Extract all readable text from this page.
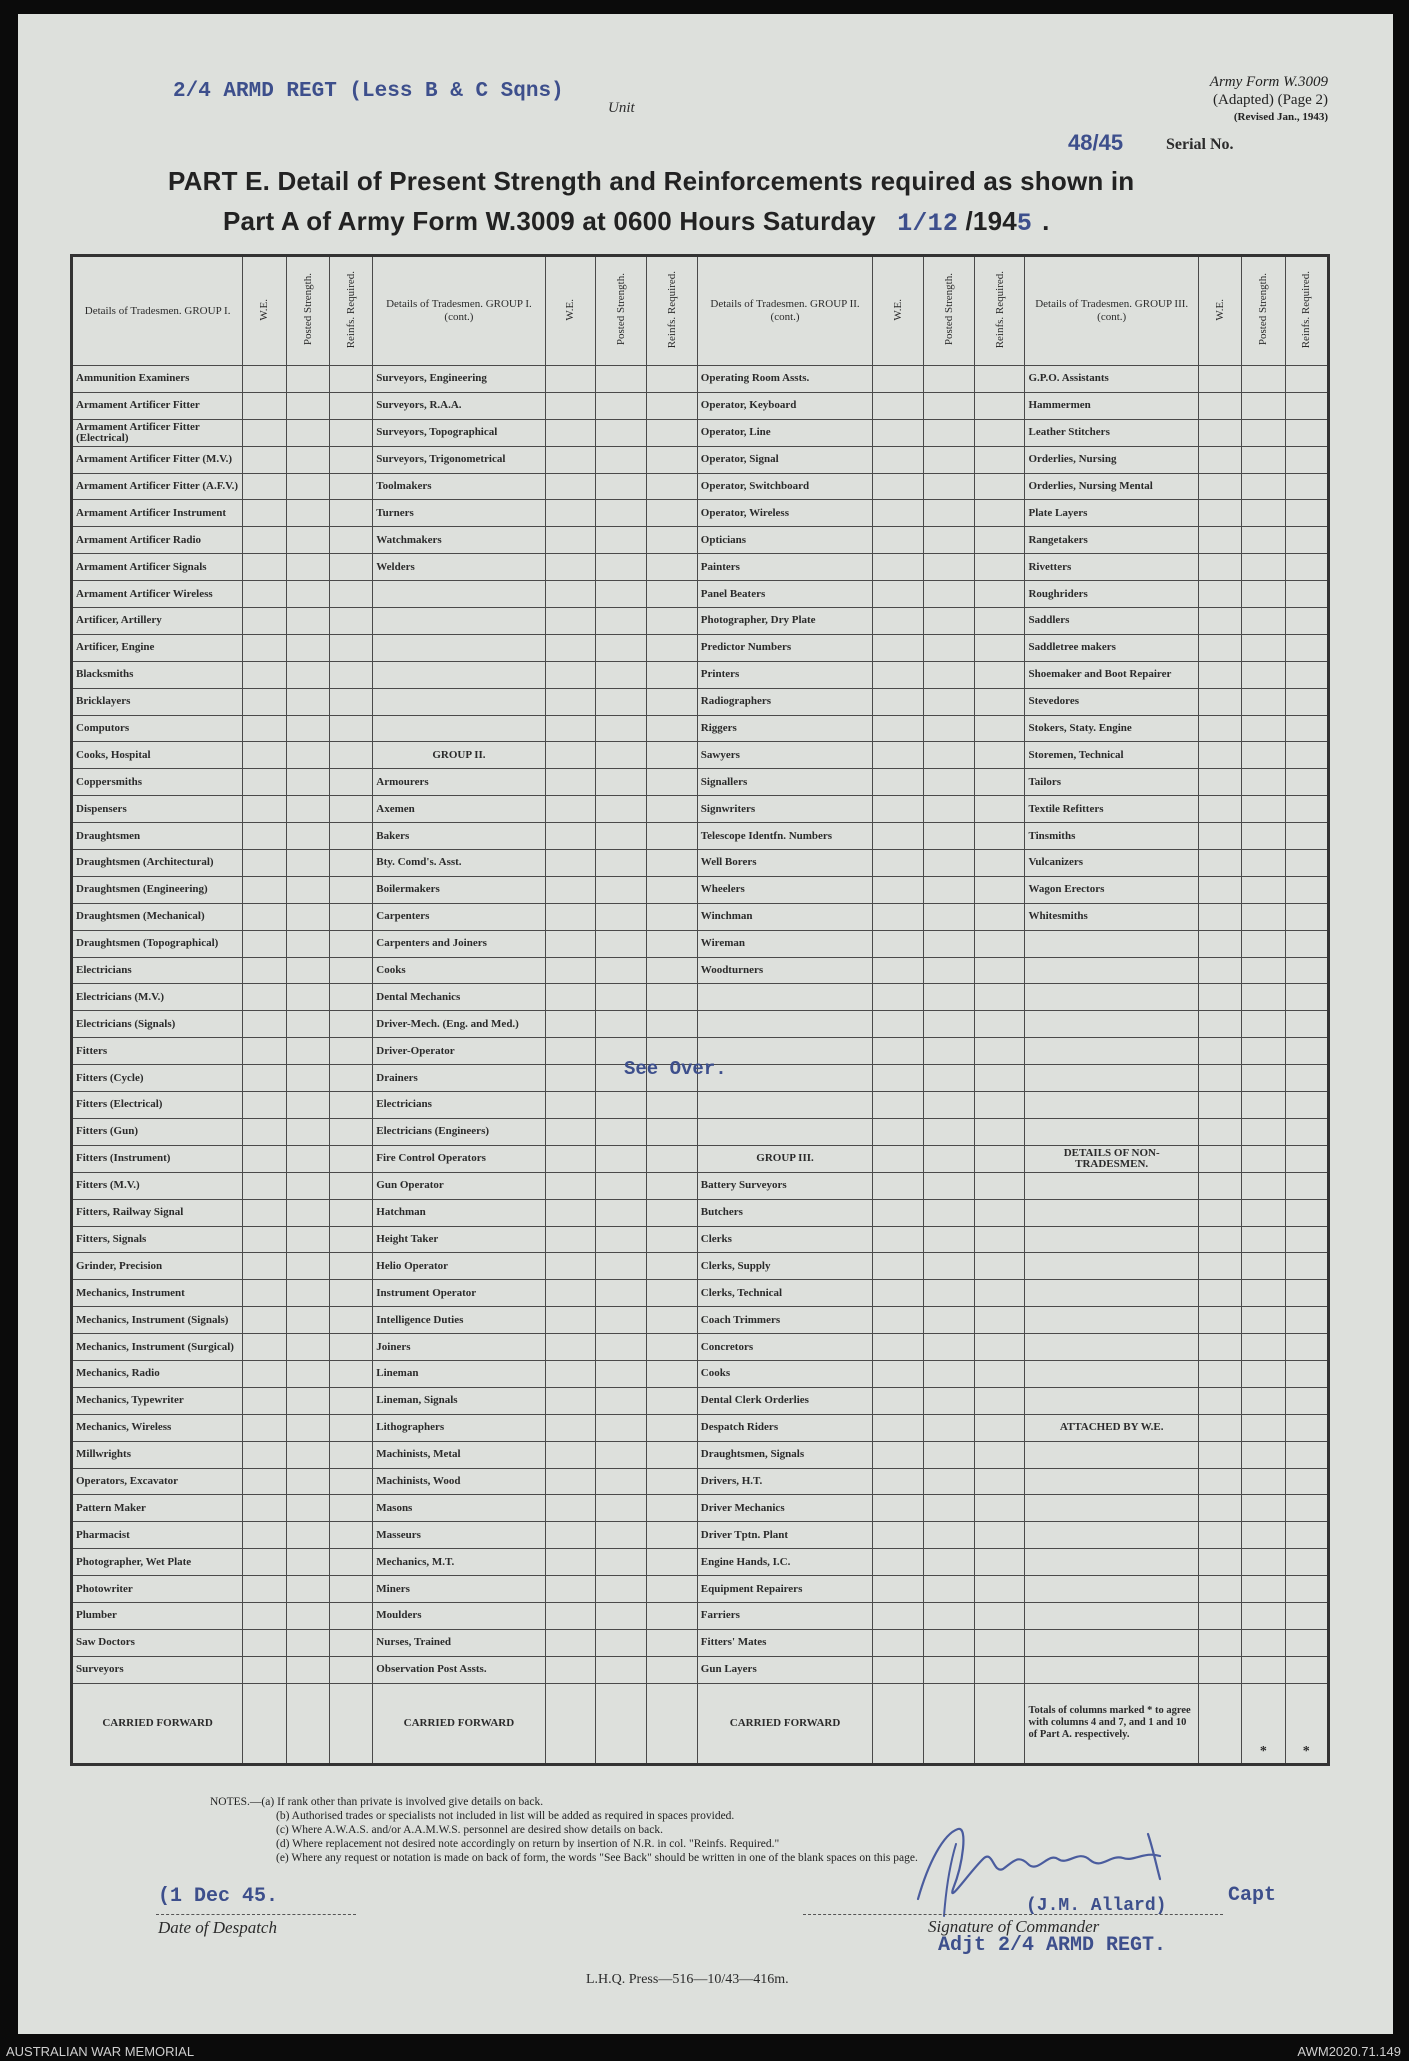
2/4 ARMD REGT (Less B & C Sqns)
Unit
Army Form W.3009
(Adapted) (Page 2)
(Revised Jan., 1943)
48/45	Serial No.
PART E. Detail of Present Strength and Reinforcements required as shown in
Part A of Army Form W.3009 at 0600 Hours Saturday 1/12 /1945 .
Details of Tradesmen. GROUP I.	W.E.	Posted Strength.	Reinfs. Required.	Details of Tradesmen. GROUP I. (cont.)	W.E.	Posted Strength.	Reinfs. Required.	Details of Tradesmen. GROUP II. (cont.)	W.E.	Posted Strength.	Reinfs. Required.	Details of Tradesmen. GROUP III. (cont.)	W.E.	Posted Strength.	Reinfs. Required.
Ammunition Examiners				Surveyors, Engineering				Operating Room Assts.				G.P.O. Assistants			
Armament Artificer Fitter				Surveyors, R.A.A.				Operator, Keyboard				Hammermen			
Armament Artificer Fitter (Electrical)				Surveyors, Topographical				Operator, Line				Leather Stitchers			
Armament Artificer Fitter (M.V.)				Surveyors, Trigonometrical				Operator, Signal				Orderlies, Nursing			
Armament Artificer Fitter (A.F.V.)				Toolmakers				Operator, Switchboard				Orderlies, Nursing Mental			
Armament Artificer Instrument				Turners				Operator, Wireless				Plate Layers			
Armament Artificer Radio				Watchmakers				Opticians				Rangetakers			
Armament Artificer Signals				Welders				Painters				Rivetters			
Armament Artificer Wireless								Panel Beaters				Roughriders			
Artificer, Artillery								Photographer, Dry Plate				Saddlers			
Artificer, Engine								Predictor Numbers				Saddletree makers			
Blacksmiths								Printers				Shoemaker and Boot Repairer			
Bricklayers								Radiographers				Stevedores			
Computors								Riggers				Stokers, Staty. Engine			
Cooks, Hospital				GROUP II.				Sawyers				Storemen, Technical			
Coppersmiths				Armourers				Signallers				Tailors			
Dispensers				Axemen				Signwriters				Textile Refitters			
Draughtsmen				Bakers				Telescope Identfn. Numbers				Tinsmiths			
Draughtsmen (Architectural)				Bty. Comd's. Asst.				Well Borers				Vulcanizers			
Draughtsmen (Engineering)				Boilermakers				Wheelers				Wagon Erectors			
Draughtsmen (Mechanical)				Carpenters				Winchman				Whitesmiths			
Draughtsmen (Topographical)				Carpenters and Joiners				Wireman							
Electricians				Cooks				Woodturners							
Electricians (M.V.)				Dental Mechanics											
Electricians (Signals)				Driver-Mech. (Eng. and Med.)											
Fitters				Driver-Operator											
Fitters (Cycle)				Drainers											
Fitters (Electrical)				Electricians											
Fitters (Gun)				Electricians (Engineers)											
Fitters (Instrument)				Fire Control Operators				GROUP III.				DETAILS OF NON-TRADESMEN.			
Fitters (M.V.)				Gun Operator				Battery Surveyors							
Fitters, Railway Signal				Hatchman				Butchers							
Fitters, Signals				Height Taker				Clerks							
Grinder, Precision				Helio Operator				Clerks, Supply							
Mechanics, Instrument				Instrument Operator				Clerks, Technical							
Mechanics, Instrument (Signals)				Intelligence Duties				Coach Trimmers							
Mechanics, Instrument (Surgical)				Joiners				Concretors							
Mechanics, Radio				Lineman				Cooks							
Mechanics, Typewriter				Lineman, Signals				Dental Clerk Orderlies							
Mechanics, Wireless				Lithographers				Despatch Riders				ATTACHED BY W.E.			
Millwrights				Machinists, Metal				Draughtsmen, Signals							
Operators, Excavator				Machinists, Wood				Drivers, H.T.							
Pattern Maker				Masons				Driver Mechanics							
Pharmacist				Masseurs				Driver Tptn. Plant							
Photographer, Wet Plate				Mechanics, M.T.				Engine Hands, I.C.							
Photowriter				Miners				Equipment Repairers							
Plumber				Moulders				Farriers							
Saw Doctors				Nurses, Trained				Fitters' Mates							
Surveyors				Observation Post Assts.				Gun Layers							
CARRIED FORWARD				CARRIED FORWARD				CARRIED FORWARD				Totals of columns marked * to agree with columns 4 and 7, and 1 and 10 of Part A. respectively.		*	*
See Over.
NOTES.—(a) If rank other than private is involved give details on back.
(b) Authorised trades or specialists not included in list will be added as required in spaces provided.
(c) Where A.W.A.S. and/or A.A.M.W.S. personnel are desired show details on back.
(d) Where replacement not desired note accordingly on return by insertion of N.R. in col. "Reinfs. Required."
(e) Where any request or notation is made on back of form, the words "See Back" should be written in one of the blank spaces on this page.
(1 Dec 45.
Date of Despatch
Capt
(J.M. Allard)
Signature of Commander
Adjt 2/4 ARMD REGT.
L.H.Q. Press—516—10/43—416m.
AUSTRALIAN WAR MEMORIAL	AWM2020.71.149
